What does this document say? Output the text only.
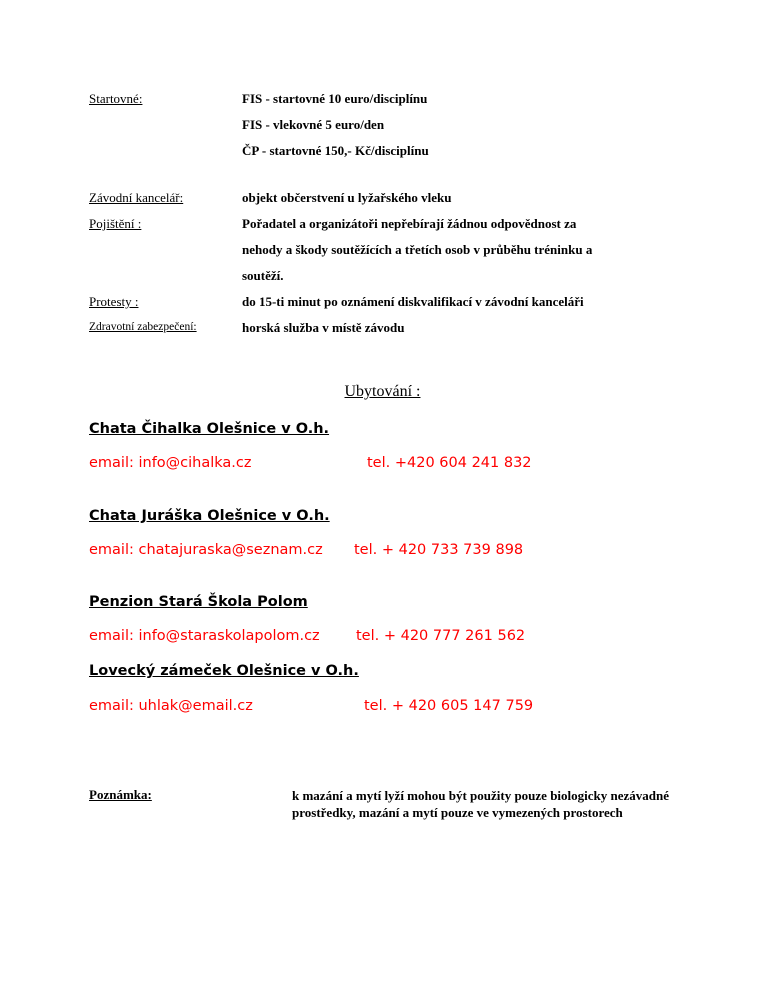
Startovné:	FIS - startovné 10 euro/disciplínu
FIS - vlekovné 5 euro/den
ČP - startovné 150,- Kč/disciplínu
Závodní kancelář:	objekt občerstvení u lyžařského vleku
Pojištění :	Pořadatel a organizátoři nepřebírají žádnou odpovědnost za
nehody a škody soutěžících a třetích osob v průběhu tréninku a
soutěží.
Protesty :	do 15-ti minut po oznámení diskvalifikací v závodní kanceláři
Zdravotní zabezpečení:	horská služba v místě závodu
Ubytování :
Chata Čihalka Olešnice v O.h.
email: info@cihalka.cz	tel. +420 604 241 832
Chata Juráška Olešnice v O.h.
email: chatajuraska@seznam.cz tel. + 420 733 739 898
Penzion Stará Škola Polom
email: info@staraskolapolom.cz	tel. + 420 777 261 562
Lovecký zámeček Olešnice v O.h.
email: uhlak@email.cz	tel. + 420 605 147 759
Poznámka:	k mazání a mytí lyží mohou být použity pouze biologicky nezávadné prostředky, mazání a mytí pouze ve vymezených prostorech
